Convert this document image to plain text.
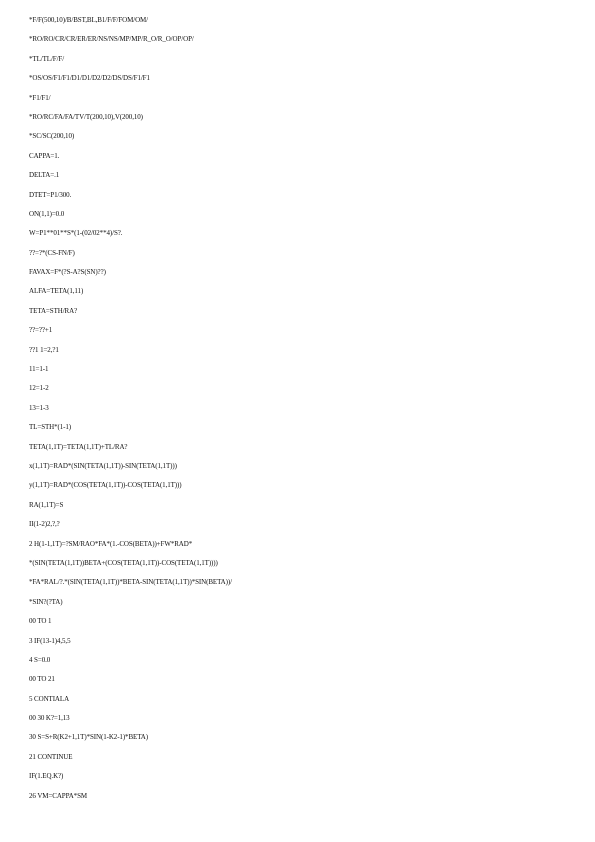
*F/F(500,10)/B/BST,BL,B1/F/F/FOM/OM/
*RO/RO/CR/CR/ER/ER/NS/NS/MP/MP/R_O/R_O/OP/OP/
*TL/TL/F/F/
*OS/OS/F1/F1/D1/D1/D2/D2/DS/DS/F1/F1
*F1/F1/
*RO/RC/FA/FA/TV/T(200,10),V(200,10)
*SC/SC(200,10)
CAPPA=1.
DELTA=.1
DTET=P1/300.
ON(1,1)=0.0
W=P1**01**S*(1-(02/02**4)/S?.
??=?*(CS-FN/F)
FAVAX=F*(?S-A?S(SN)??)
ALFA=TETA(1,11)
TETA=STH/RA?
??=??+1
??1 1=2,?1
11=1-1
12=1-2
13=1-3
TL=STH*(1-1)
TETA(1,1T)=TETA(1,1T)+TL/RA?
x(1,1T)=RAD*(SIN(TETA(1,1T))-SIN(TETA(1,1T)))
y(1,1T)=RAD*(COS(TETA(1,1T))-COS(TETA(1,1T)))
RA(1,1T)=S
II(1-2)2,?,?
2 H(1-1,1T)=?SM/RAO*FA*(1.-COS(BETA))+FW*RAD*
*(SIN(TETA(1,1T))BETA+(COS(TETA(1,1T))-COS(TETA(1,1T))))
*FA*RAL/?.*(SIN(TETA(1,1T))*BETA-SIN(TETA(1,1T))*SIN(BETA))/
*SIN?(?TA)
00 TO 1
3 IF(13-1)4,5,5
4 S=0.0
00 TO 21
5 CONTIALA
00 30 K?=1,13
30 S=S+R(K2+1,1T)*SIN(1-K2-1)*BETA)
21 CONTINUE
IF(1.EQ.K?)
26 VM=CAPPA*SM
